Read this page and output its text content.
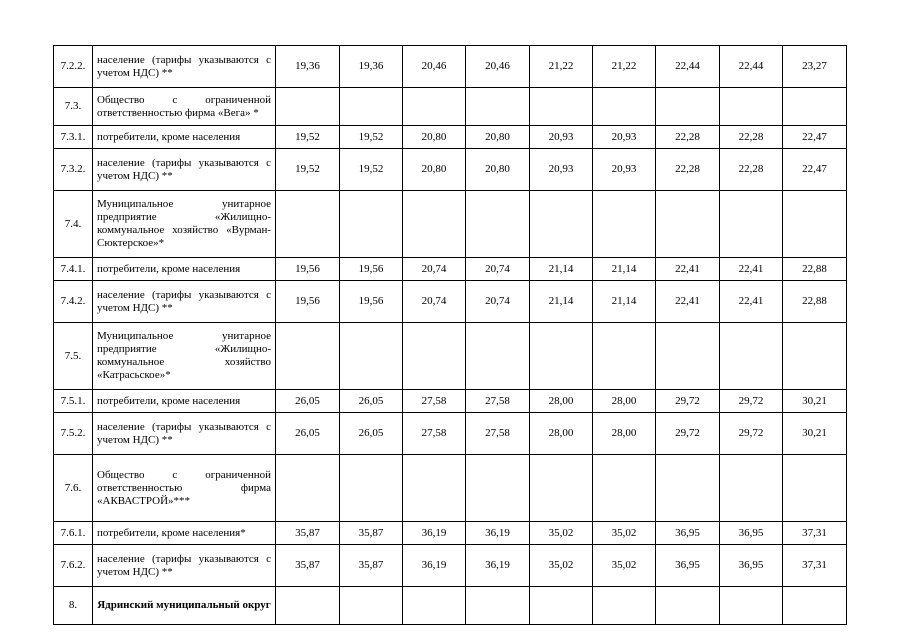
7.2.2.	население (тарифы указываются с учетом НДС) **	19,36	19,36	20,46	20,46	21,22	21,22	22,44	22,44	23,27
7.3.	Общество с ограниченной ответственностью фирма «Вега» *									
7.3.1.	потребители, кроме населения	19,52	19,52	20,80	20,80	20,93	20,93	22,28	22,28	22,47
7.3.2.	население (тарифы указываются с учетом НДС) **	19,52	19,52	20,80	20,80	20,93	20,93	22,28	22,28	22,47
7.4.	Муниципальное унитарное предприятие «Жилищно-коммунальное хозяйство «Вурман-Сюктерское»*									
7.4.1.	потребители, кроме населения	19,56	19,56	20,74	20,74	21,14	21,14	22,41	22,41	22,88
7.4.2.	население (тарифы указываются с учетом НДС) **	19,56	19,56	20,74	20,74	21,14	21,14	22,41	22,41	22,88
7.5.	Муниципальное унитарное предприятие «Жилищно-коммунальное хозяйство «Катрасьское»*									
7.5.1.	потребители, кроме населения	26,05	26,05	27,58	27,58	28,00	28,00	29,72	29,72	30,21
7.5.2.	население (тарифы указываются с учетом НДС) **	26,05	26,05	27,58	27,58	28,00	28,00	29,72	29,72	30,21
7.6.	Общество с ограниченной ответственностью фирма «АКВАСТРОЙ»***									
7.6.1.	потребители, кроме населения*	35,87	35,87	36,19	36,19	35,02	35,02	36,95	36,95	37,31
7.6.2.	население (тарифы указываются с учетом НДС) **	35,87	35,87	36,19	36,19	35,02	35,02	36,95	36,95	37,31
8.	Ядринский муниципальный округ									
